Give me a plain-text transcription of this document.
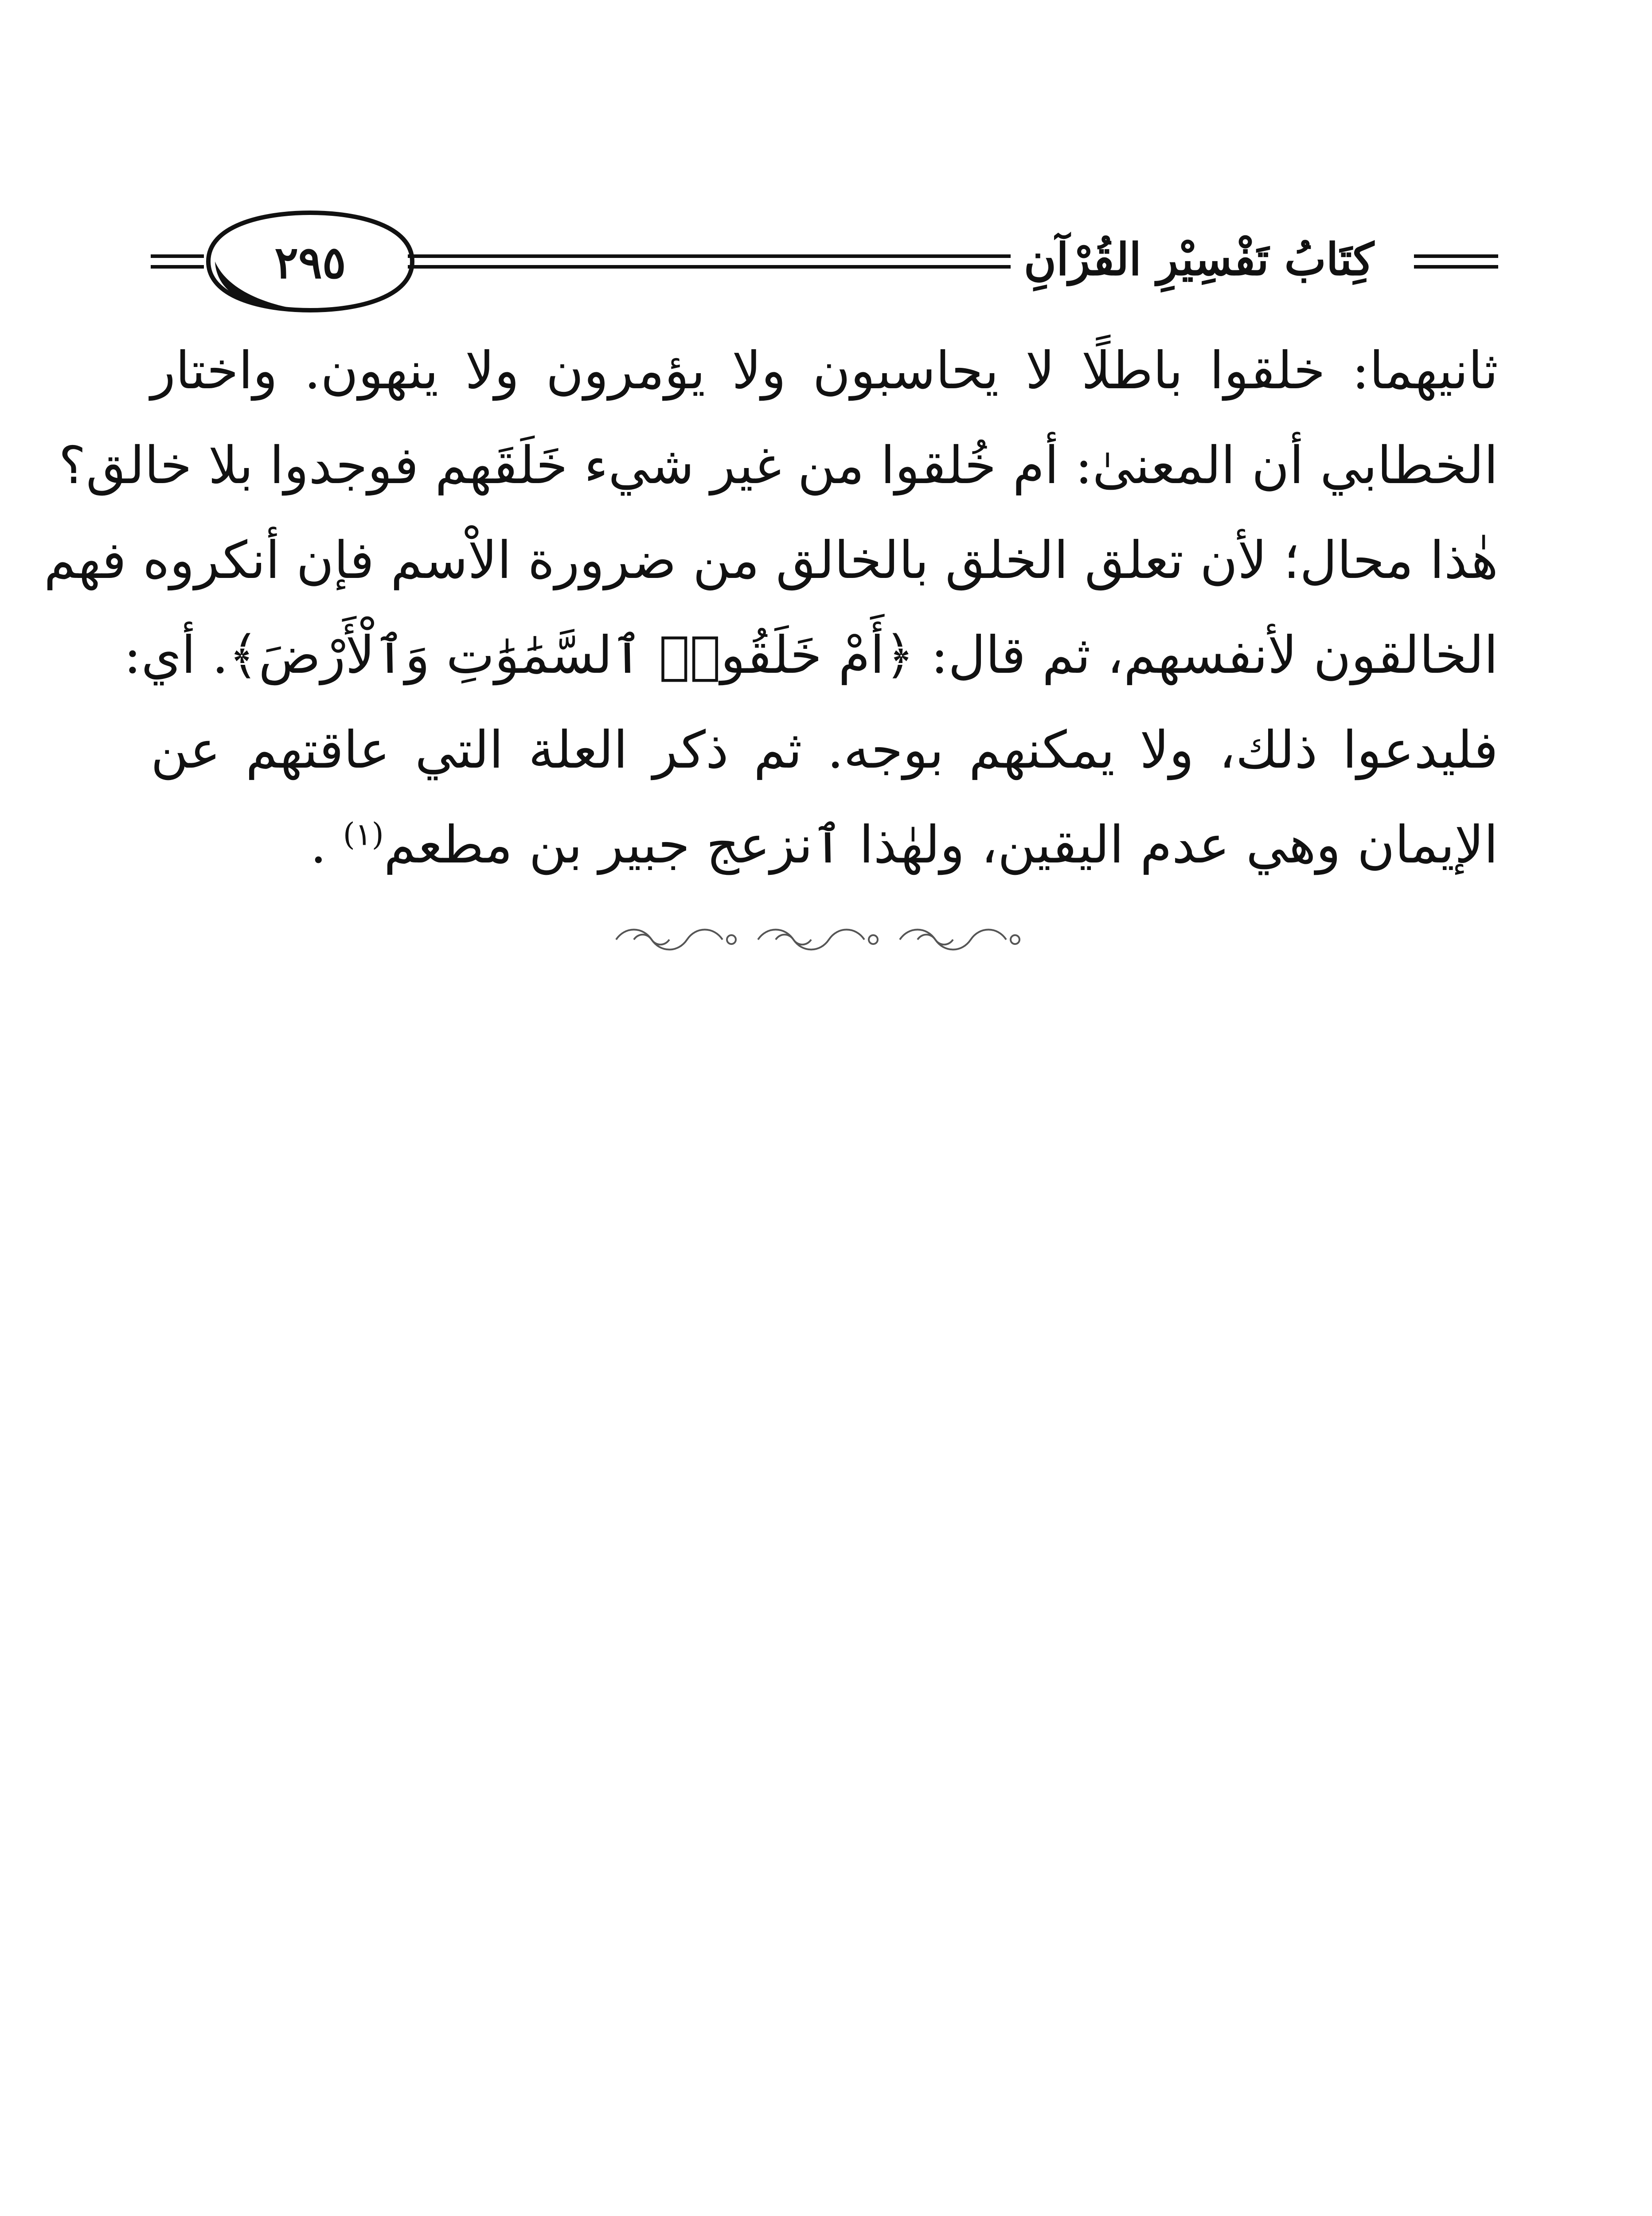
٢٩٥	كِتَابُ تَفْسِيْرِ القُرْآنِ
ثانيهما: خلقوا باطلًا لا يحاسبون ولا يؤمرون ولا ينهون. واختار
الخطابي أن المعنىٰ: أم خُلقوا من غير شيء خَلَقَهم فوجدوا بلا خالق؟
هٰذا محال؛ لأن تعلق الخلق بالخالق من ضرورة الاْسم فإن أنكروه فهم
الخالقون لأنفسهم، ثم قال: ﴿أَمْ خَلَقُوا۟ ٱلسَّمَٰوَٰتِ وَٱلْأَرْضَ﴾. أي:
فليدعوا ذلك، ولا يمكنهم بوجه. ثم ذكر العلة التي عاقتهم عن
الإيمان وهي عدم اليقين، ولهٰذا ٱنزعج جبير بن مطعم$^{(١)}$ .
